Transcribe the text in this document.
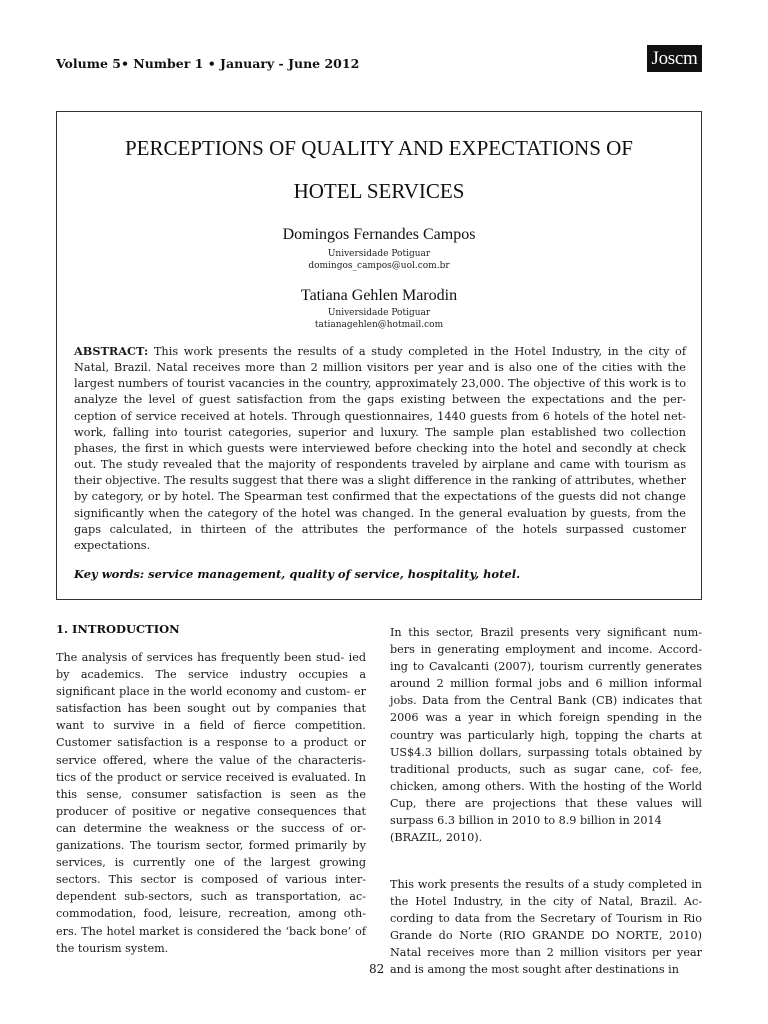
Volume 5• Number 1 • January - June 2012	Joscm
PERCEPTIONS OF QUALITY AND EXPECTATIONS OF
HOTEL SERVICES
Domingos Fernandes Campos
Universidade Potiguar
domingos_campos@uol.com.br
Tatiana Gehlen Marodin
Universidade Potiguar
tatianagehlen@hotmail.com
ABSTRACT: This work presents the results of a study completed in the Hotel Industry, in the city of Natal, Brazil. Natal receives more than 2 million visitors per year and is also one of the cities with the largest numbers of tourist vacancies in the country, approximately 23,000. The objective of this work is to analyze the level of guest satisfaction from the gaps existing between the expectations and the per- ception of service received at hotels. Through questionnaires, 1440 guests from 6 hotels of the hotel net- work, falling into tourist categories, superior and luxury. The sample plan established two collection phases, the first in which guests were interviewed before checking into the hotel and secondly at check out. The study revealed that the majority of respondents traveled by airplane and came with tourism as their objective. The results suggest that there was a slight difference in the ranking of attributes, whether by category, or by hotel. The Spearman test confirmed that the expectations of the guests did not change significantly when the category of the hotel was changed. In the general evaluation by guests, from the gaps calculated, in thirteen of the attributes the performance of the hotels surpassed customer expectations.
Key words: service management, quality of service, hospitality, hotel.
1. INTRODUCTION
The analysis of services has frequently been stud- ied by academics. The service industry occupies a significant place in the world economy and custom- er satisfaction has been sought out by companies that want to survive in a field of fierce competition. Customer satisfaction is a response to a product or service offered, where the value of the characteris- tics of the product or service received is evaluated. In this sense, consumer satisfaction is seen as the producer of positive or negative consequences that can determine the weakness or the success of or- ganizations. The tourism sector, formed primarily by services, is currently one of the largest growing sectors. This sector is composed of various inter- dependent sub-sectors, such as transportation, ac- commodation, food, leisure, recreation, among oth- ers. The hotel market is considered the ‘back bone’ of the tourism system.
In this sector, Brazil presents very significant num- bers in generating employment and income. Accord- ing to Cavalcanti (2007), tourism currently generates around 2 million formal jobs and 6 million informal jobs. Data from the Central Bank (CB) indicates that 2006 was a year in which foreign spending in the country was particularly high, topping the charts at US$4.3 billion dollars, surpassing totals obtained by traditional products, such as sugar cane, cof- fee, chicken, among others. With the hosting of the World Cup, there are projections that these values will surpass 6.3 billion in 2010 to 8.9 billion in 2014
(BRAZIL, 2010).
This work presents the results of a study completed in the Hotel Industry, in the city of Natal, Brazil. Ac- cording to data from the Secretary of Tourism in Rio Grande do Norte (RIO GRANDE DO NORTE, 2010) Natal receives more than 2 million visitors per year and is among the most sought after destinations in
82
